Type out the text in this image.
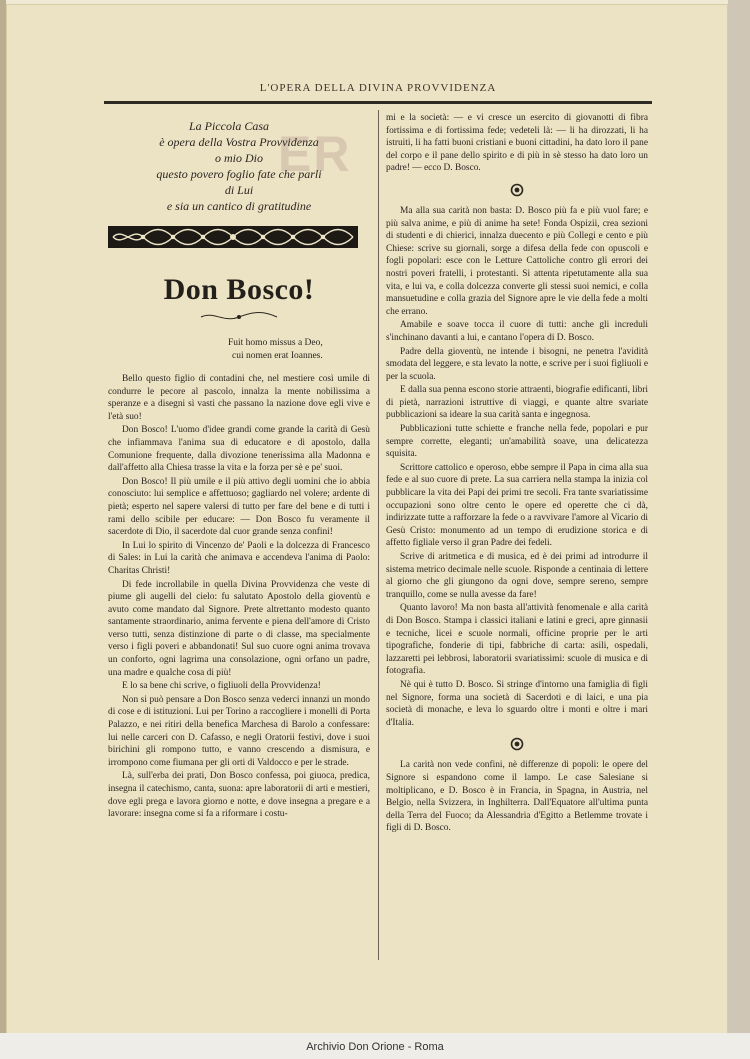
ER
L'OPERA DELLA DIVINA PROVVIDENZA
La Piccola Casa
è opera della Vostra Provvidenza
o mio Dio
questo povero foglio fate che parli
di Lui
e sia un cantico di gratitudine
Don Bosco!
Fuit homo missus a Deo,
cui nomen erat Ioannes.

Bello questo figlio di contadini che, nel mestiere così umile di condurre le pecore al pascolo, innalza la mente nobilissima a speranze e a disegni sì vasti che passano la nazione dove egli vive e l'età suo!

Don Bosco! L'uomo d'idee grandi come grande la carità di Gesù che infiammava l'anima sua di educatore e di apostolo, dalla Comunione frequente, dalla divozione tenerissima alla Madonna e dall'affetto alla Chiesa trasse la vita e la forza per sè e pe' suoi.

Don Bosco! Il più umile e il più attivo degli uomini che io abbia conosciuto: lui semplice e affettuoso; gagliardo nel volere; ardente di pietà; esperto nel sapere valersi di tutto per fare del bene e di tutti i rami dello scibile per educare: — Don Bosco fu veramente il sacerdote di Dio, il sacerdote dal cuor grande senza confini!

In Lui lo spirito di Vincenzo de' Paoli e la dolcezza di Francesco di Sales: in Lui la carità che animava e accendeva l'anima di Paolo: Charitas Christi!

Di fede incrollabile in quella Divina Provvidenza che veste di piume gli augelli del cielo: fu salutato Apostolo della gioventù e avuto come mandato dal Signore. Prete altrettanto modesto quanto santamente straordinario, anima fervente e piena dell'amore di Cristo verso tutti, senza distinzione di parte o di classe, ma specialmente verso i figli poveri e abbandonati! Sul suo cuore ogni anima trovava un conforto, ogni lagrima una consolazione, ogni orfano un padre, una madre e qualche cosa di più!

E lo sa bene chi scrive, o figliuoli della Provvidenza!

Non si può pensare a Don Bosco senza vederci innanzi un mondo di cose e di istituzioni. Lui per Torino a raccogliere i monelli di Porta Palazzo, e nei ritiri della benefica Marchesa di Barolo a confessare: lui nelle carceri con D. Cafasso, e negli Oratorii festivi, dove i suoi birichini gli rompono tutto, e vanno crescendo a dismisura, e irrompono come fiumana per gli orti di Valdocco e per le strade.

Là, sull'erba dei prati, Don Bosco confessa, poi giuoca, predica, insegna il catechismo, canta, suona: apre laboratorii di arti e mestieri, dove egli prega e lavora giorno e notte, e dove insegna a pregare e a lavorare: insegna come si fa a riformare i costu-

mi e la società: — e vi cresce un esercito di giovanotti di fibra fortissima e di fortissima fede; vedeteli là: — li ha dirozzati, li ha istruiti, li ha fatti buoni cristiani e buoni cittadini, ha dato loro il pane del corpo e il pane dello spirito e di più in sè stesso ha dato loro un padre! — ecco D. Bosco.

Ma alla sua carità non basta: D. Bosco più fa e più vuol fare; e più salva anime, e più di anime ha sete! Fonda Ospizii, crea sezioni di studenti e di chierici, innalza duecento e più Collegi e cento e più Chiese: scrive su giornali, sorge a difesa della fede con opuscoli e fogli popolari: esce con le Letture Cattoliche contro gli errori dei nostri poveri fratelli, i protestanti. Si attenta ripetutamente alla sua vita, e lui va, e colla dolcezza converte gli stessi suoi nemici, e colla mansuetudine e colla grazia del Signore apre le vie della fede a molti che errano.

Amabile e soave tocca il cuore di tutti: anche gli increduli s'inchinano davanti a lui, e cantano l'opera di D. Bosco.

Padre della gioventù, ne intende i bisogni, ne penetra l'avidità smodata del leggere, e sta levato la notte, e scrive per i suoi figliuoli e per la scuola.

E dalla sua penna escono storie attraenti, biografie edificanti, libri di pietà, narrazioni istruttive di viaggi, e quante altre svariate pubblicazioni sa ideare la sua carità santa e ingegnosa.

Pubblicazioni tutte schiette e franche nella fede, popolari e pur sempre corrette, eleganti; un'amabilità soave, una delicatezza squisita.

Scrittore cattolico e operoso, ebbe sempre il Papa in cima alla sua fede e al suo cuore di prete. La sua carriera nella stampa la inizia col pubblicare la vita dei Papi dei primi tre secoli. Fra tante svariatissime occupazioni sono oltre cento le opere ed operette che ci dà, indirizzate tutte a rafforzare la fede o a ravvivare l'amore al Vicario di Gesù Cristo: monumento ad un tempo di erudizione storica e di affetto figliale verso il gran Padre dei fedeli.

Scrive di aritmetica e di musica, ed è dei primi ad introdurre il sistema metrico decimale nelle scuole. Risponde a centinaia di lettere al giorno che gli giungono da ogni dove, sempre sereno, sempre tranquillo, come se nulla avesse da fare!

Quanto lavoro! Ma non basta all'attività fenomenale e alla carità di Don Bosco. Stampa i classici italiani e latini e greci, apre ginnasii e tecniche, licei e scuole normali, officine proprie per le arti tipografiche, fonderie di tipi, fabbriche di carta: asili, ospedali, lazzaretti pei lebbrosi, laboratorii svariatissimi: scuole di musica e di fotografia.

Nè qui è tutto D. Bosco. Si stringe d'intorno una famiglia di figli nel Signore, forma una società di Sacerdoti e di laici, e una pia società di monache, e leva lo sguardo oltre i monti e oltre i mari d'Italia.

La carità non vede confini, nè differenze di popoli: le opere del Signore si espandono come il lampo. Le case Salesiane si moltiplicano, e D. Bosco è in Francia, in Spagna, in Austria, nel Belgio, nella Svizzera, in Inghilterra. Dall'Equatore all'ultima punta della Terra del Fuoco; da Alessandria d'Egitto a Betlemme trovate i figli di D. Bosco.

Archivio Don Orione - Roma
